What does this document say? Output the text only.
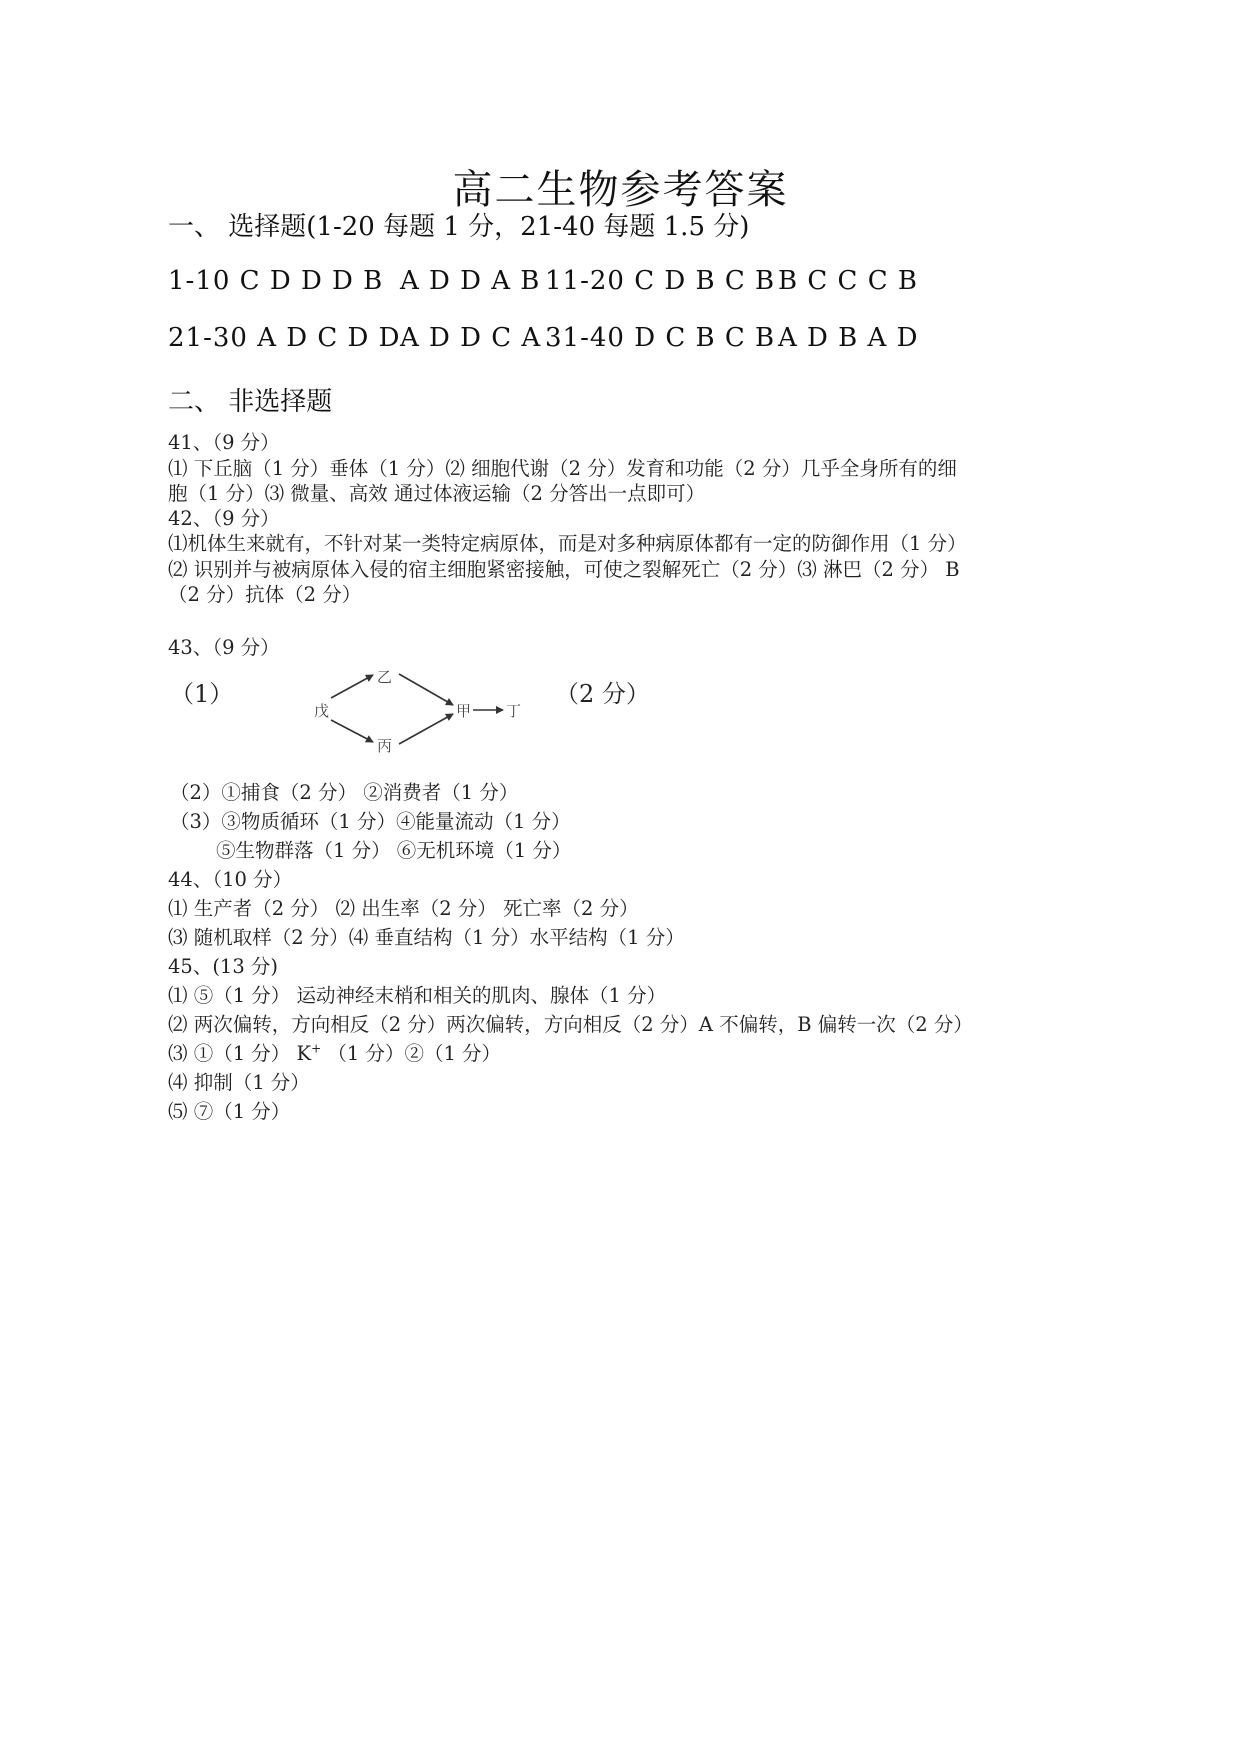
高二生物参考答案
一、 选择题(1-20 每题 1 分，21-40 每题 1.5 分)
1-10 C D D D B A D D A B 11-20 C D B C B B C C C B
21-30 A D C D D A D D C A 31-40 D C B C B A D B A D
二、 非选择题
41、（9 分）
⑴ 下丘脑（1 分）垂体（1 分）⑵ 细胞代谢（2 分）发育和功能（2 分）几乎全身所有的细
胞（1 分）⑶ 微量、高效 通过体液运输（2 分答出一点即可）
42、（9 分）
⑴机体生来就有，不针对某一类特定病原体，而是对多种病原体都有一定的防御作用（1 分）
⑵ 识别并与被病原体入侵的宿主细胞紧密接触，可使之裂解死亡（2 分）⑶ 淋巴（2 分） B
（2 分）抗体（2 分）
43、（9 分）
（1）	（2 分）
戊
乙
丙
甲 丁
（2）①捕食（2 分） ②消费者（1 分）
（3）③物质循环（1 分）④能量流动（1 分）
⑤生物群落（1 分） ⑥无机环境（1 分）
44、（10 分）
⑴ 生产者（2 分） ⑵ 出生率（2 分） 死亡率（2 分）
⑶ 随机取样（2 分）⑷ 垂直结构（1 分）水平结构（1 分）
45、(13 分)
⑴ ⑤（1 分） 运动神经末梢和相关的肌肉、腺体（1 分）
⑵ 两次偏转，方向相反（2 分）两次偏转，方向相反（2 分）A 不偏转，B 偏转一次（2 分）
⑶ ①（1 分） K+ （1 分）②（1 分）
⑷ 抑制（1 分）
⑸ ⑦（1 分）
